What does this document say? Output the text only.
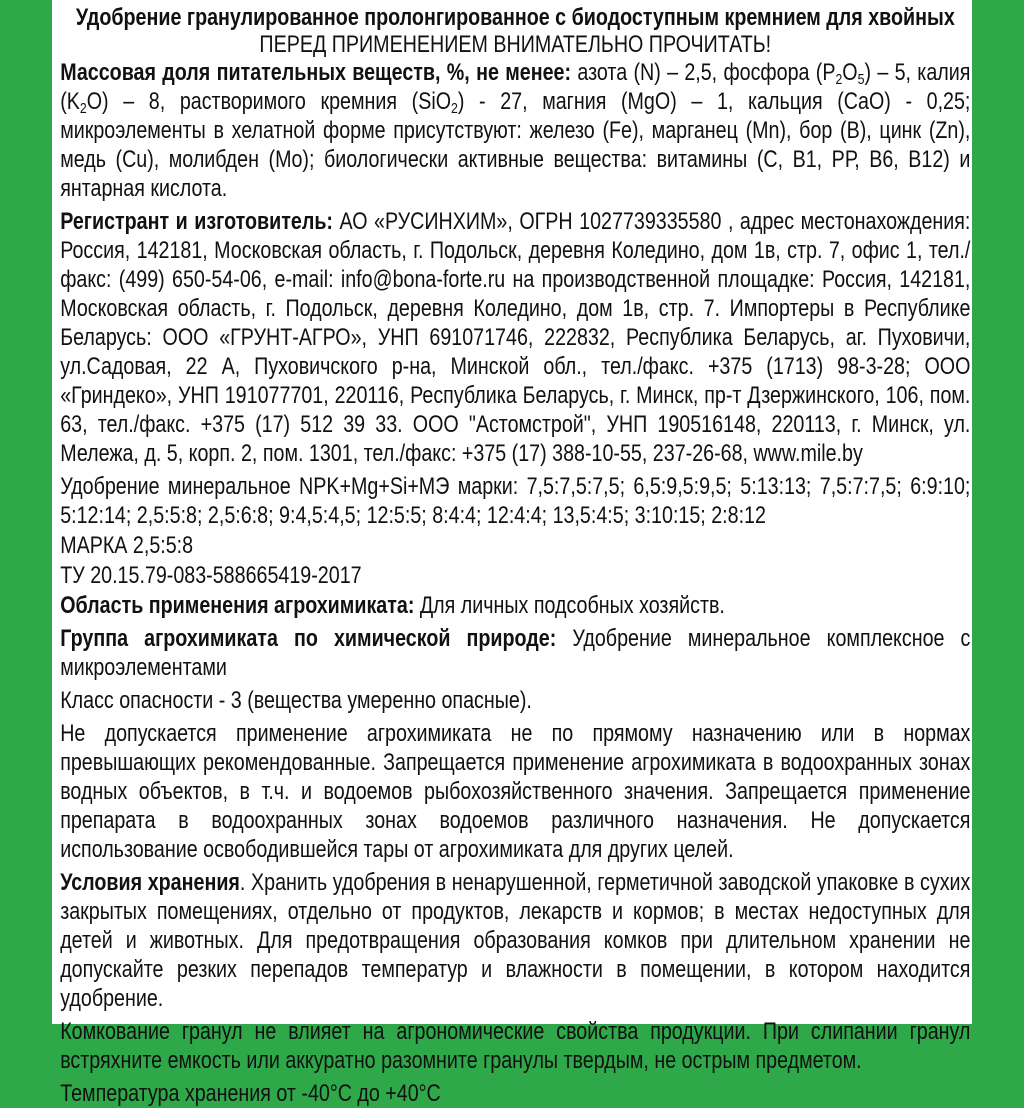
Удобрение гранулированное пролонгированное с биодоступным кремнием для хвойных
ПЕРЕД ПРИМЕНЕНИЕМ ВНИМАТЕЛЬНО ПРОЧИТАТЬ!

Массовая доля питательных веществ, %, не менее: азота (N) – 2,5, фосфора $(P_2O_5) - 5$, калия $(K_2O) - 8$, растворимого кремния (SiO$_2$) - 27, магния (MgO) – 1, кальция (CaO) - 0,25; микроэлементы в хелатной форме присутствуют: железо (Fe), марганец (Mn), бор (B), цинк (Zn), медь (Cu), молибден (Mo); биологически активные вещества: витамины (С, В1, РР, В6, В12) и янтарная кислота.

Регистрант и изготовитель: АО «РУСИНХИМ», ОГРН 1027739335580 , адрес местонахождения: Россия, 142181, Московская область, г. Подольск, деревня Коледино, дом 1в, стр. 7, офис 1, тел./факс: (499) 650-54-06, e-mail: info@bona-forte.ru на производственной площадке: Россия, 142181, Московская область, г. Подольск, деревня Коледино, дом 1в, стр. 7. Импортеры в Республике Беларусь: ООО «ГРУНТ-АГРО», УНП 691071746, 222832, Республика Беларусь, аг. Пуховичи, ул.Садовая, 22 А, Пуховичского р-на, Минской обл., тел./факс. +375 (1713) 98-3-28; ООО «Гриндеко», УНП 191077701, 220116, Республика Беларусь, г. Минск, пр-т Дзержинского, 106, пом. 63, тел./факс. +375 (17) 512 39 33. ООО "Астомстрой", УНП 190516148, 220113, г. Минск, ул. Мележа, д. 5, корп. 2, пом. 1301, тел./факс: +375 (17) 388-10-55, 237-26-68, www.mile.by

Удобрение минеральное NPK+Mg+Si+МЭ марки: 7,5:7,5:7,5; 6,5:9,5:9,5; 5:13:13; 7,5:7:7,5; 6:9:10; 5:12:14; 2,5:5:8; 2,5:6:8; 9:4,5:4,5; 12:5:5; 8:4:4; 12:4:4; 13,5:4:5; 3:10:15; 2:8:12

МАРКА 2,5:5:8

ТУ 20.15.79-083-588665419-2017

Область применения агрохимиката: Для личных подсобных хозяйств.

Группа агрохимиката по химической природе: Удобрение минеральное комплексное с микроэлементами

Класс опасности - 3 (вещества умеренно опасные).

Не допускается применение агрохимиката не по прямому назначению или в нормах превышающих рекомендованные. Запрещается применение агрохимиката в водоохранных зонах водных объектов, в т.ч. и водоемов рыбохозяйственного значения. Запрещается применение препарата в водоохранных зонах водоемов различного назначения. Не допускается использование освободившейся тары от агрохимиката для других целей.

Условия хранения. Хранить удобрения в ненарушенной, герметичной заводской упаковке в сухих закрытых помещениях, отдельно от продуктов, лекарств и кормов; в местах недоступных для детей и животных. Для предотвращения образования комков при длительном хранении не допускайте резких перепадов температур и влажности в помещении, в котором находится удобрение.

Комкование гранул не влияет на агрономические свойства продукции. При слипании гранул встряхните емкость или аккуратно разомните гранулы твердым, не острым предметом.

Температура хранения от -40°С до +40°С
